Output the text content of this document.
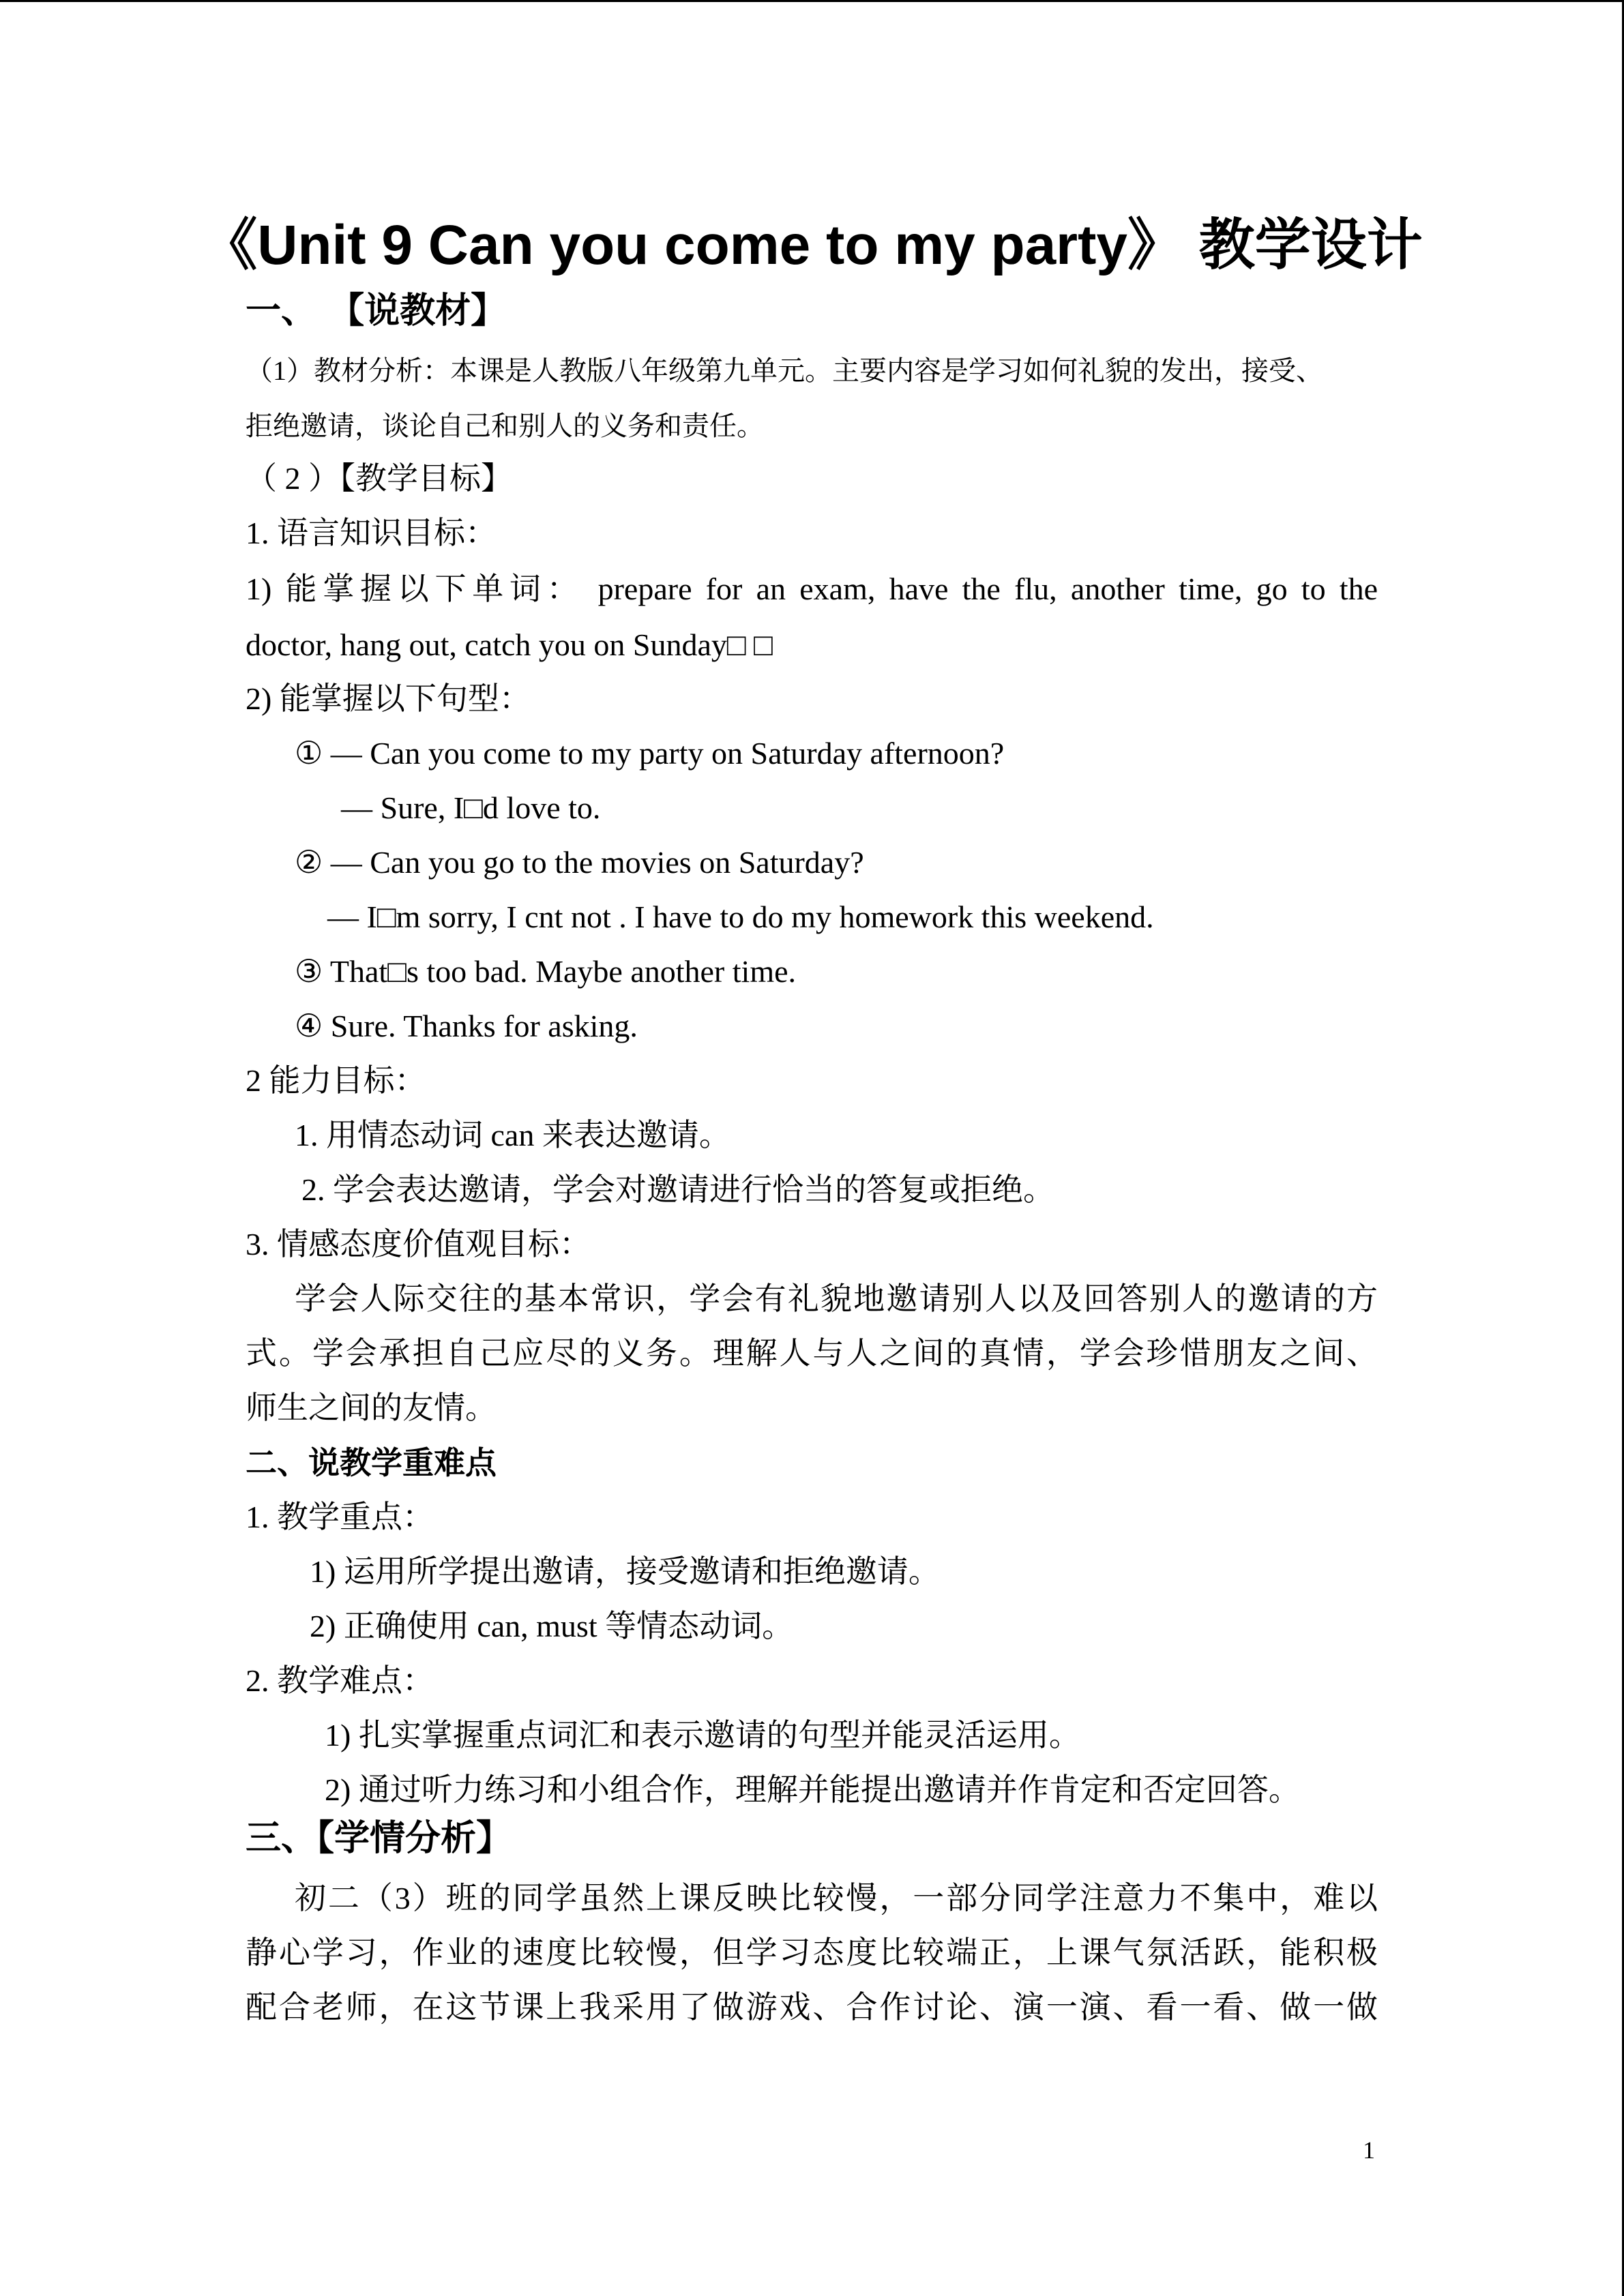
《Unit 9 Can you come to my party》 教学设计
一、 【说教材】
（1）教材分析：本课是人教版八年级第九单元。主要内容是学习如何礼貌的发出，接受、
拒绝邀请，谈论自己和别人的义务和责任。
（ 2 ）【教学目标】
1. 语言知识目标：
1) 能掌握以下单词： prepare for an exam, have the flu, another time, go to the
doctor, hang out, catch you on Sunday□ □
2) 能掌握以下句型：
① — Can you come to my party on Saturday afternoon?
— Sure, I□d love to.
② — Can you go to the movies on Saturday?
— I□m sorry, I cnt not . I have to do my homework this weekend.
③ That□s too bad. Maybe another time.
④ Sure. Thanks for asking.
2 能力目标：
1. 用情态动词 can 来表达邀请。
2. 学会表达邀请，学会对邀请进行恰当的答复或拒绝。
3. 情感态度价值观目标：
学会人际交往的基本常识，学会有礼貌地邀请别人以及回答别人的邀请的方
式。学会承担自己应尽的义务。理解人与人之间的真情，学会珍惜朋友之间、
师生之间的友情。
二、说教学重难点
1. 教学重点：
1) 运用所学提出邀请，接受邀请和拒绝邀请。
2) 正确使用 can, must 等情态动词。
2. 教学难点：
1) 扎实掌握重点词汇和表示邀请的句型并能灵活运用。
2) 通过听力练习和小组合作，理解并能提出邀请并作肯定和否定回答。
三、【学情分析】
初二（3）班的同学虽然上课反映比较慢，一部分同学注意力不集中，难以
静心学习，作业的速度比较慢，但学习态度比较端正，上课气氛活跃，能积极
配合老师，在这节课上我采用了做游戏、合作讨论、演一演、看一看、做一做
1
